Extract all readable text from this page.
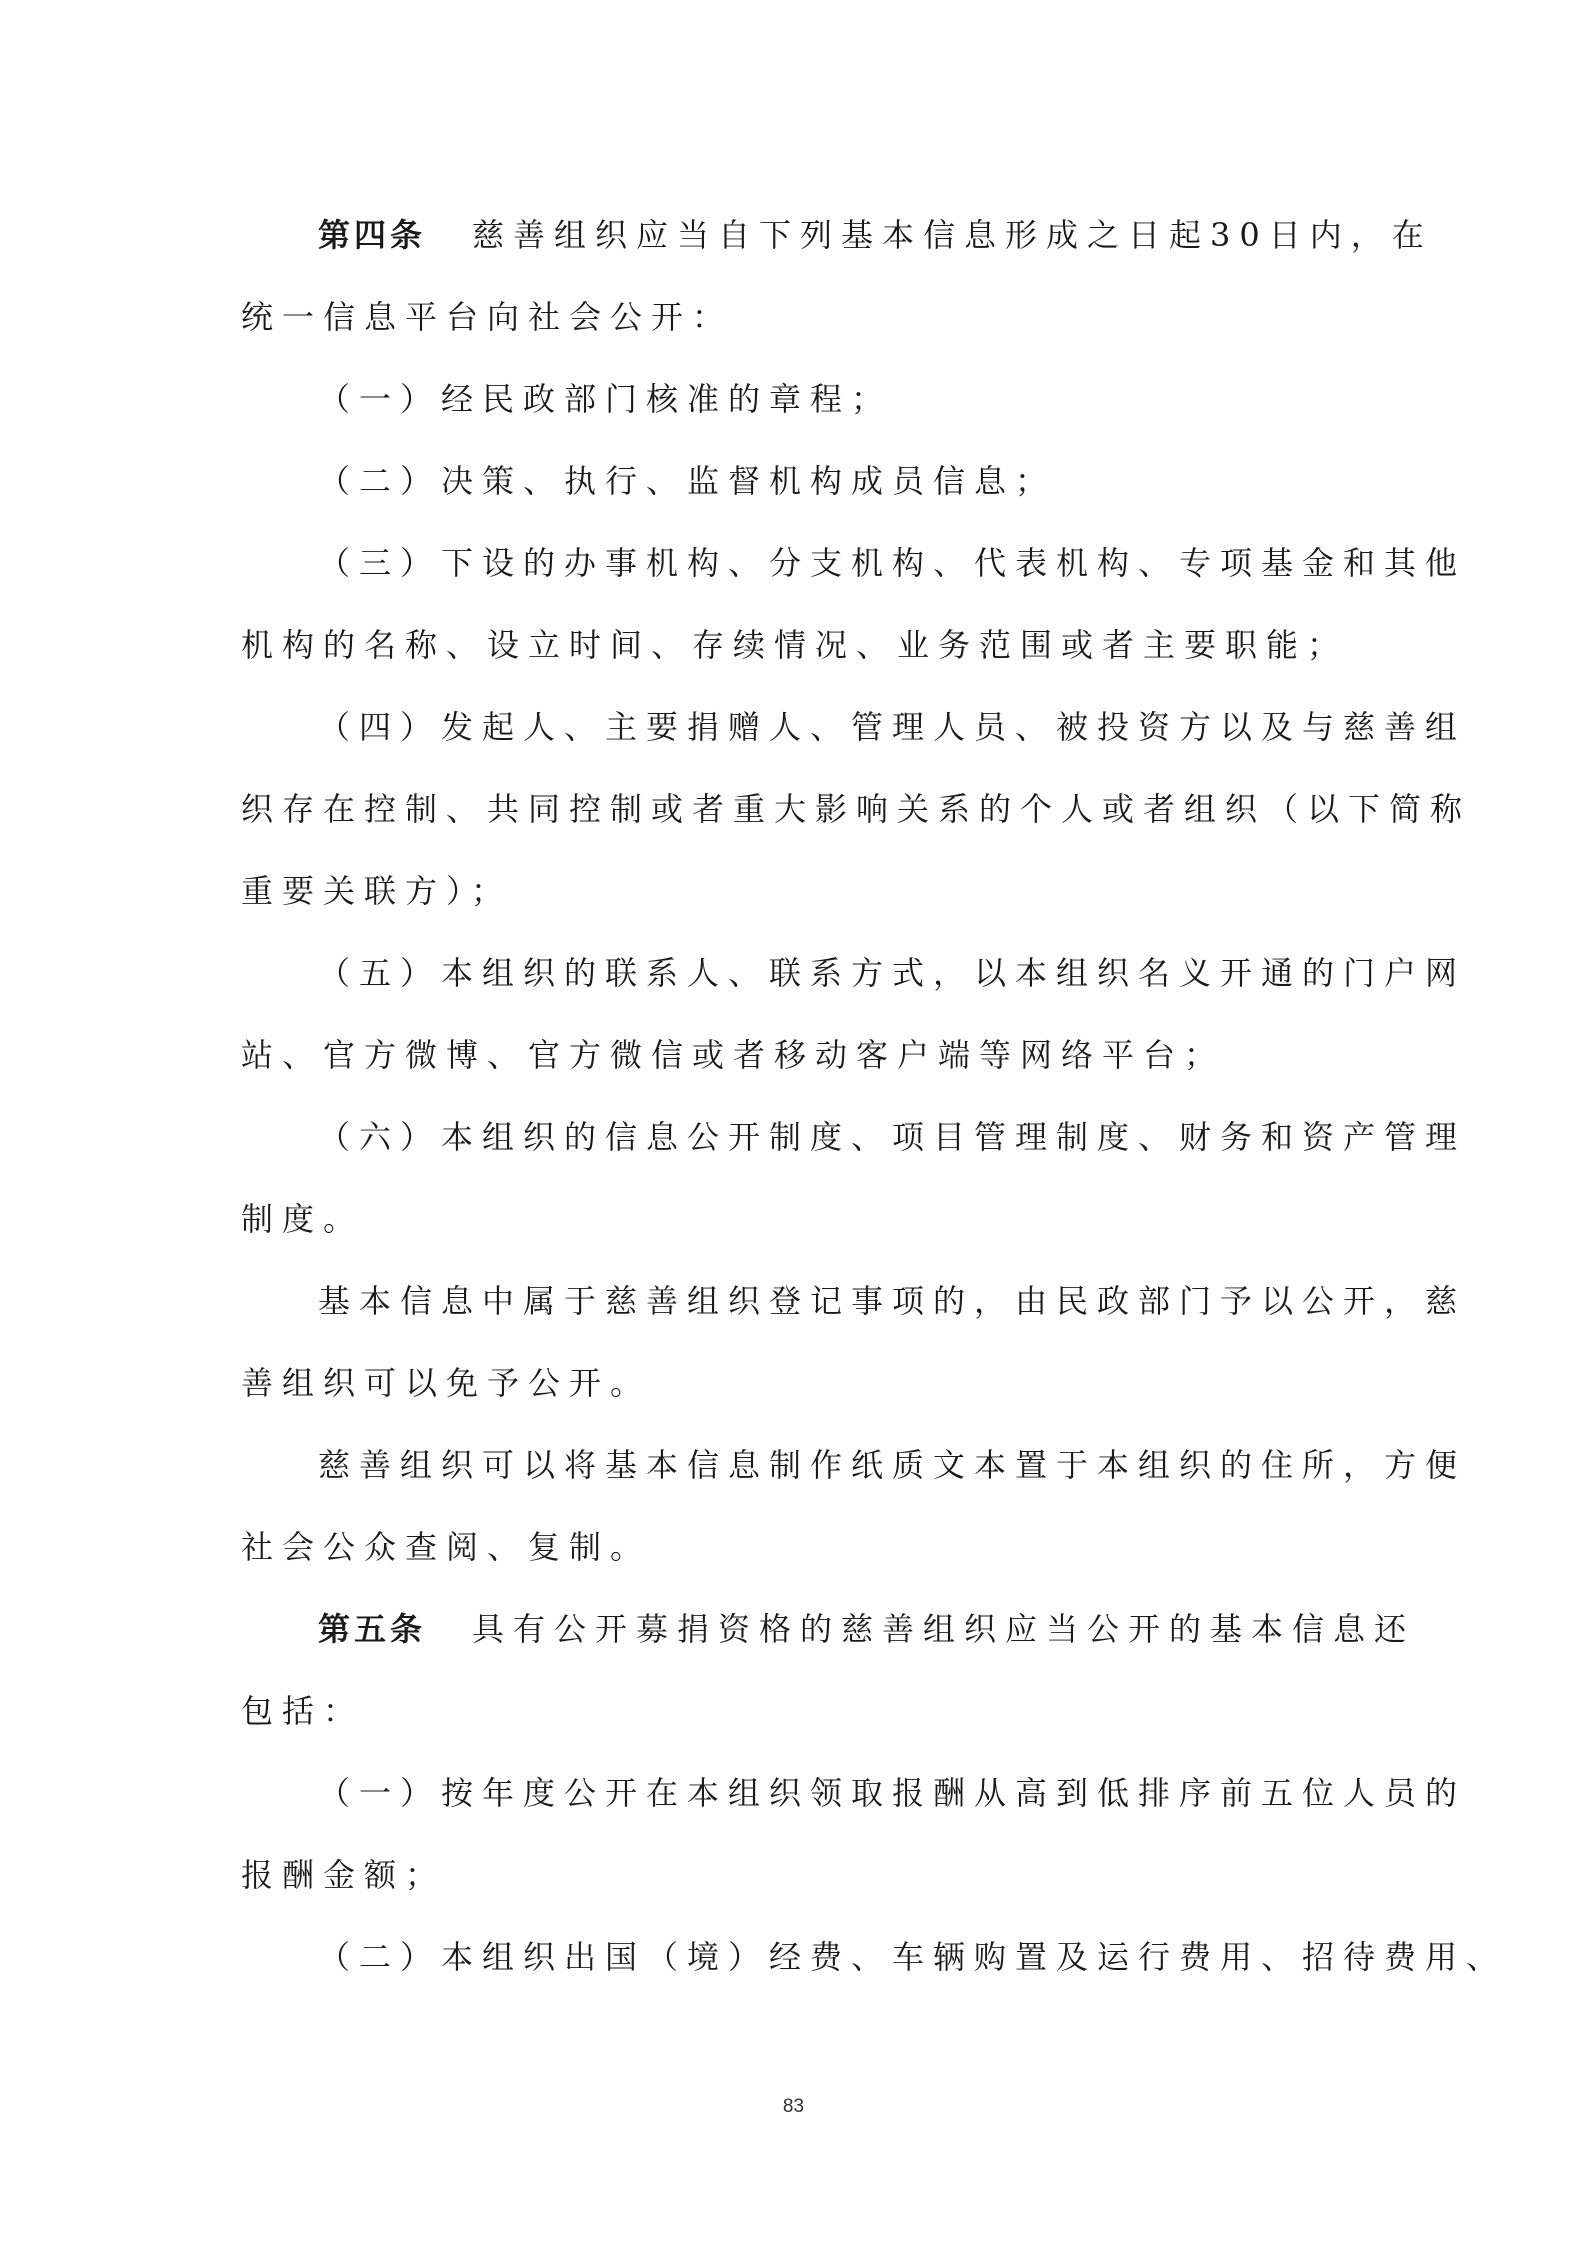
第四条 慈善组织应当自下列基本信息形成之日起30日内，在
统一信息平台向社会公开：
（一）经民政部门核准的章程；
（二）决策、执行、监督机构成员信息；
（三）下设的办事机构、分支机构、代表机构、专项基金和其他
机构的名称、设立时间、存续情况、业务范围或者主要职能；
（四）发起人、主要捐赠人、管理人员、被投资方以及与慈善组
织存在控制、共同控制或者重大影响关系的个人或者组织（以下简称
重要关联方）；
（五）本组织的联系人、联系方式，以本组织名义开通的门户网
站、官方微博、官方微信或者移动客户端等网络平台；
（六）本组织的信息公开制度、项目管理制度、财务和资产管理
制度。
基本信息中属于慈善组织登记事项的，由民政部门予以公开，慈
善组织可以免予公开。
慈善组织可以将基本信息制作纸质文本置于本组织的住所，方便
社会公众查阅、复制。
第五条 具有公开募捐资格的慈善组织应当公开的基本信息还
包括：
（一）按年度公开在本组织领取报酬从高到低排序前五位人员的
报酬金额；
（二）本组织出国（境）经费、车辆购置及运行费用、招待费用、
83
